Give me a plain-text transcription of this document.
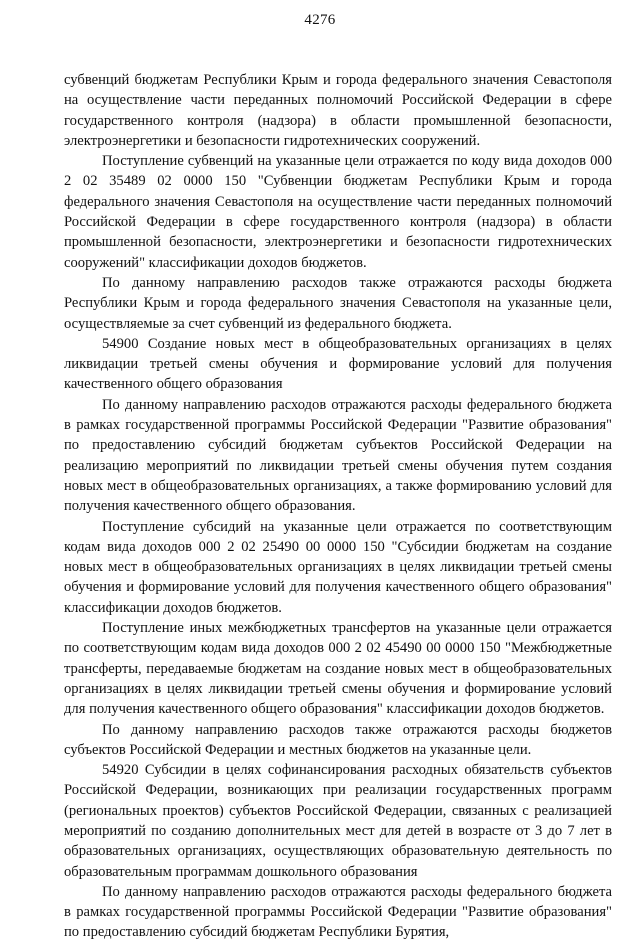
4276

субвенций бюджетам Республики Крым и города федерального значения Севастополя на осуществление части переданных полномочий Российской Федерации в сфере государственного контроля (надзора) в области промышленной безопасности, электроэнергетики и безопасности гидротехнических сооружений.

Поступление субвенций на указанные цели отражается по коду вида доходов 000 2 02 35489 02 0000 150 "Субвенции бюджетам Республики Крым и города федерального значения Севастополя на осуществление части переданных полномочий Российской Федерации в сфере государственного контроля (надзора) в области промышленной безопасности, электроэнергетики и безопасности гидротехнических сооружений" классификации доходов бюджетов.

По данному направлению расходов также отражаются расходы бюджета Республики Крым и города федерального значения Севастополя на указанные цели, осуществляемые за счет субвенций из федерального бюджета.

54900 Создание новых мест в общеобразовательных организациях в целях ликвидации третьей смены обучения и формирование условий для получения качественного общего образования

По данному направлению расходов отражаются расходы федерального бюджета в рамках государственной программы Российской Федерации "Развитие образования" по предоставлению субсидий бюджетам субъектов Российской Федерации на реализацию мероприятий по ликвидации третьей смены обучения путем создания новых мест в общеобразовательных организациях, а также формированию условий для получения качественного общего образования.

Поступление субсидий на указанные цели отражается по соответствующим кодам вида доходов 000 2 02 25490 00 0000 150 "Субсидии бюджетам на создание новых мест в общеобразовательных организациях в целях ликвидации третьей смены обучения и формирование условий для получения качественного общего образования" классификации доходов бюджетов.

Поступление иных межбюджетных трансфертов на указанные цели отражается по соответствующим кодам вида доходов 000 2 02 45490 00 0000 150 "Межбюджетные трансферты, передаваемые бюджетам на создание новых мест в общеобразовательных организациях в целях ликвидации третьей смены обучения и формирование условий для получения качественного общего образования" классификации доходов бюджетов.

По данному направлению расходов также отражаются расходы бюджетов субъектов Российской Федерации и местных бюджетов на указанные цели.

54920 Субсидии в целях софинансирования расходных обязательств субъектов Российской Федерации, возникающих при реализации государственных программ (региональных проектов) субъектов Российской Федерации, связанных с реализацией мероприятий по созданию дополнительных мест для детей в возрасте от 3 до 7 лет в образовательных организациях, осуществляющих образовательную деятельность по образовательным программам дошкольного образования

По данному направлению расходов отражаются расходы федерального бюджета в рамках государственной программы Российской Федерации "Развитие образования" по предоставлению субсидий бюджетам Республики Бурятия,
